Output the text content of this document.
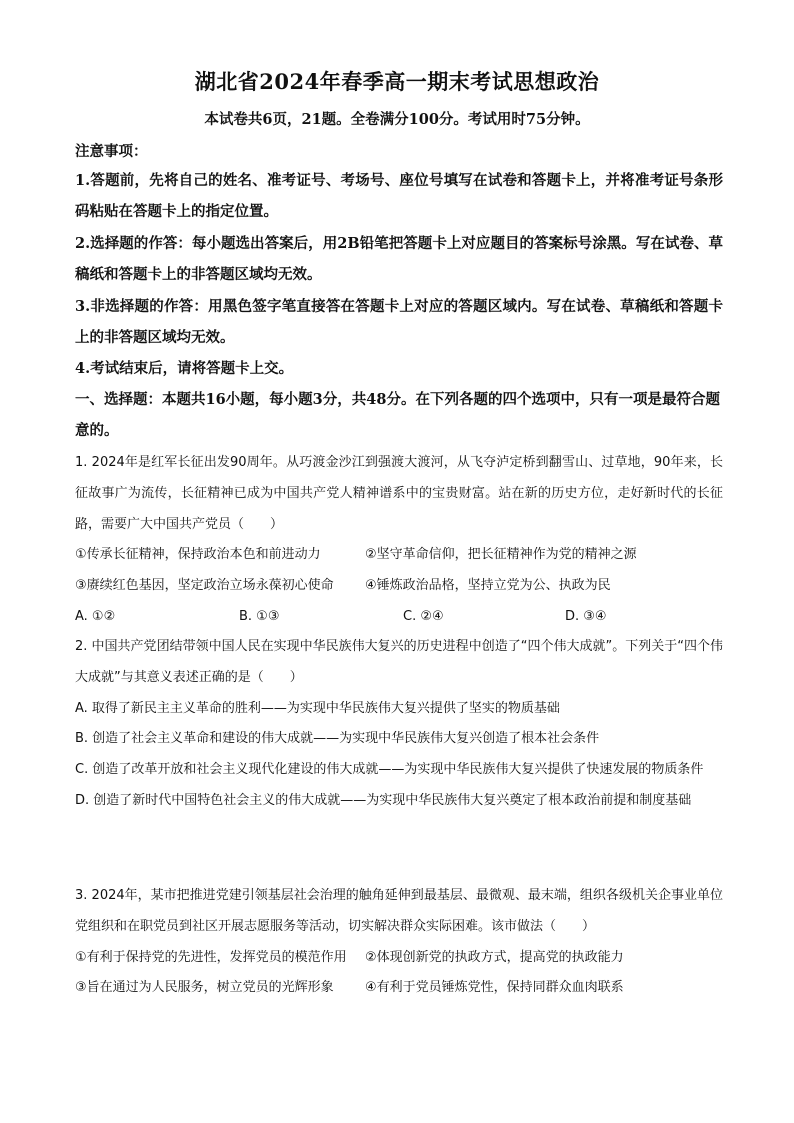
湖北省2024年春季高一期末考试思想政治
本试卷共6页，21题。全卷满分100分。考试用时75分钟。
注意事项：
1.答题前，先将自己的姓名、准考证号、考场号、座位号填写在试卷和答题卡上，并将准考证号条形码粘贴在答题卡上的指定位置。
2.选择题的作答：每小题选出答案后，用2B铅笔把答题卡上对应题目的答案标号涂黑。写在试卷、草稿纸和答题卡上的非答题区域均无效。
3.非选择题的作答：用黑色签字笔直接答在答题卡上对应的答题区域内。写在试卷、草稿纸和答题卡上的非答题区域均无效。
4.考试结束后，请将答题卡上交。
一、选择题：本题共16小题，每小题3分，共48分。在下列各题的四个选项中，只有一项是最符合题意的。
1. 2024年是红军长征出发90周年。从巧渡金沙江到强渡大渡河，从飞夺泸定桥到翻雪山、过草地，90年来，长征故事广为流传，长征精神已成为中国共产党人精神谱系中的宝贵财富。站在新的历史方位，走好新时代的长征路，需要广大中国共产党员（　　）
①传承长征精神，保持政治本色和前进动力	②坚守革命信仰，把长征精神作为党的精神之源
③赓续红色基因，坚定政治立场永葆初心使命	④锤炼政治品格，坚持立党为公、执政为民
A. ①②	B. ①③	C. ②④	D. ③④
2. 中国共产党团结带领中国人民在实现中华民族伟大复兴的历史进程中创造了“四个伟大成就”。下列关于“四个伟大成就”与其意义表述正确的是（　　）
A. 取得了新民主主义革命的胜利——为实现中华民族伟大复兴提供了坚实的物质基础
B. 创造了社会主义革命和建设的伟大成就——为实现中华民族伟大复兴创造了根本社会条件
C. 创造了改革开放和社会主义现代化建设的伟大成就——为实现中华民族伟大复兴提供了快速发展的物质条件
D. 创造了新时代中国特色社会主义的伟大成就——为实现中华民族伟大复兴奠定了根本政治前提和制度基础
3. 2024年，某市把推进党建引领基层社会治理的触角延伸到最基层、最微观、最末端，组织各级机关企事业单位党组织和在职党员到社区开展志愿服务等活动，切实解决群众实际困难。该市做法（　　）
①有利于保持党的先进性，发挥党员的模范作用	②体现创新党的执政方式，提高党的执政能力
③旨在通过为人民服务，树立党员的光辉形象	④有利于党员锤炼党性，保持同群众血肉联系
